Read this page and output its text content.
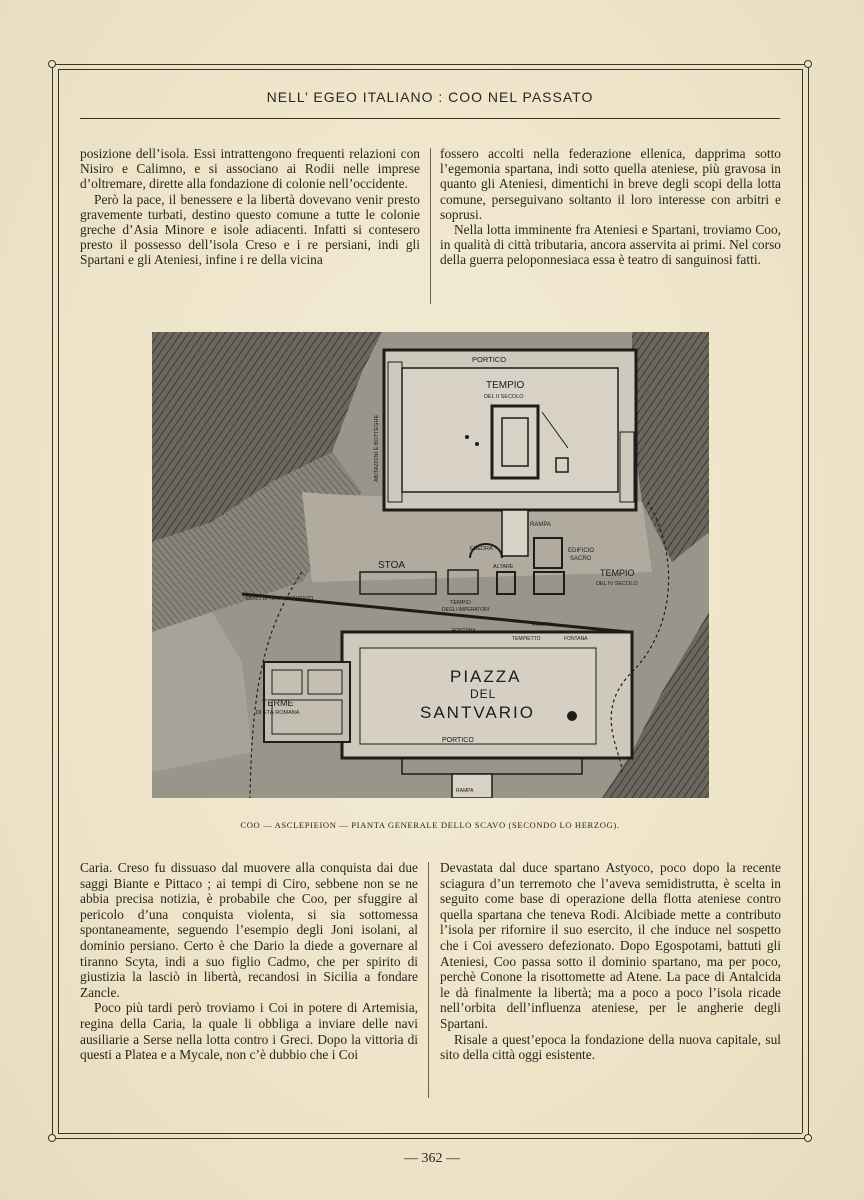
NELL’ EGEO ITALIANO : COO NEL PASSATO

posizione dell’isola. Essi intrattengono frequenti relazioni con Nisiro e Calimno, e si associano ai Rodii nelle imprese d’oltremare, dirette alla fondazione di colonie nell’occidente.

Però la pace, il benessere e la libertà dovevano venir presto gravemente turbati, destino questo comune a tutte le colonie greche d’Asia Minore e isole adiacenti. Infatti si contesero presto il possesso dell’isola Creso e i re persiani, indi gli Spartani e gli Ateniesi, infine i re della vicina

fossero accolti nella federazione ellenica, dapprima sotto l’egemonia spartana, indi sotto quella ateniese, più gravosa in quanto gli Ateniesi, dimentichi in breve degli scopi della lotta comune, perseguivano soltanto il loro interesse con arbitri e soprusi.

Nella lotta imminente fra Ateniesi e Spartani, troviamo Coo, in qualità di città tributaria, ancora asservita ai primi. Nel corso della guerra peloponnesiaca essa è teatro di sanguinosi fatti.

PORTICO
TEMPIO
DEL II SECOLO
ABITAZIONI E BOTTEGHE
RAMPA
ESEDRA
ALTARE
EDIFICIO
SACRO
STOA
TEMPIO
DEGLI IMPERATORI
TEMPIO
DEL IV SECOLO
MURO DI TERRAZZAMENTO
RAMPA
FONTANA
TEMPIETTO	FONTANA
PIAZZA
DEL
SANTVARIO
TERME
DI ETÀ ROMANA
PORTICO
RAMPA
COO — ASCLEPIEION — PIANTA GENERALE DELLO SCAVO (SECONDO LO HERZOG).

Caria. Creso fu dissuaso dal muovere alla conquista dai due saggi Biante e Pittaco ; ai tempi di Ciro, sebbene non se ne abbia precisa notizia, è probabile che Coo, per sfuggire al pericolo d’una conquista violenta, si sia sottomessa spontaneamente, seguendo l’esempio degli Joni isolani, al dominio persiano. Certo è che Dario la diede a governare al tiranno Scyta, indi a suo figlio Cadmo, che per spirito di giustizia la lasciò in libertà, recandosi in Sicilia a fondare Zancle.

Poco più tardi però troviamo i Coi in potere di Artemisia, regina della Caria, la quale li obbliga a inviare delle navi ausiliarie a Serse nella lotta contro i Greci. Dopo la vittoria di questi a Platea e a Mycale, non c’è dubbio che i Coi

Devastata dal duce spartano Astyoco, poco dopo la recente sciagura d’un terremoto che l’aveva semidistrutta, è scelta in seguito come base di operazione della flotta ateniese contro quella spartana che teneva Rodi. Alcibiade mette a contributo l’isola per rifornire il suo esercito, il che induce nel sospetto che i Coi avessero defezionato. Dopo Egospotami, battuti gli Ateniesi, Coo passa sotto il dominio spartano, ma per poco, perchè Conone la risottomette ad Atene. La pace di Antalcida le dà finalmente la libertà; ma a poco a poco l’isola ricade nell’orbita dell’influenza ateniese, per le angherie degli Spartani.

Risale a quest’epoca la fondazione della nuova capitale, sul sito della città oggi esistente.

— 362 —
